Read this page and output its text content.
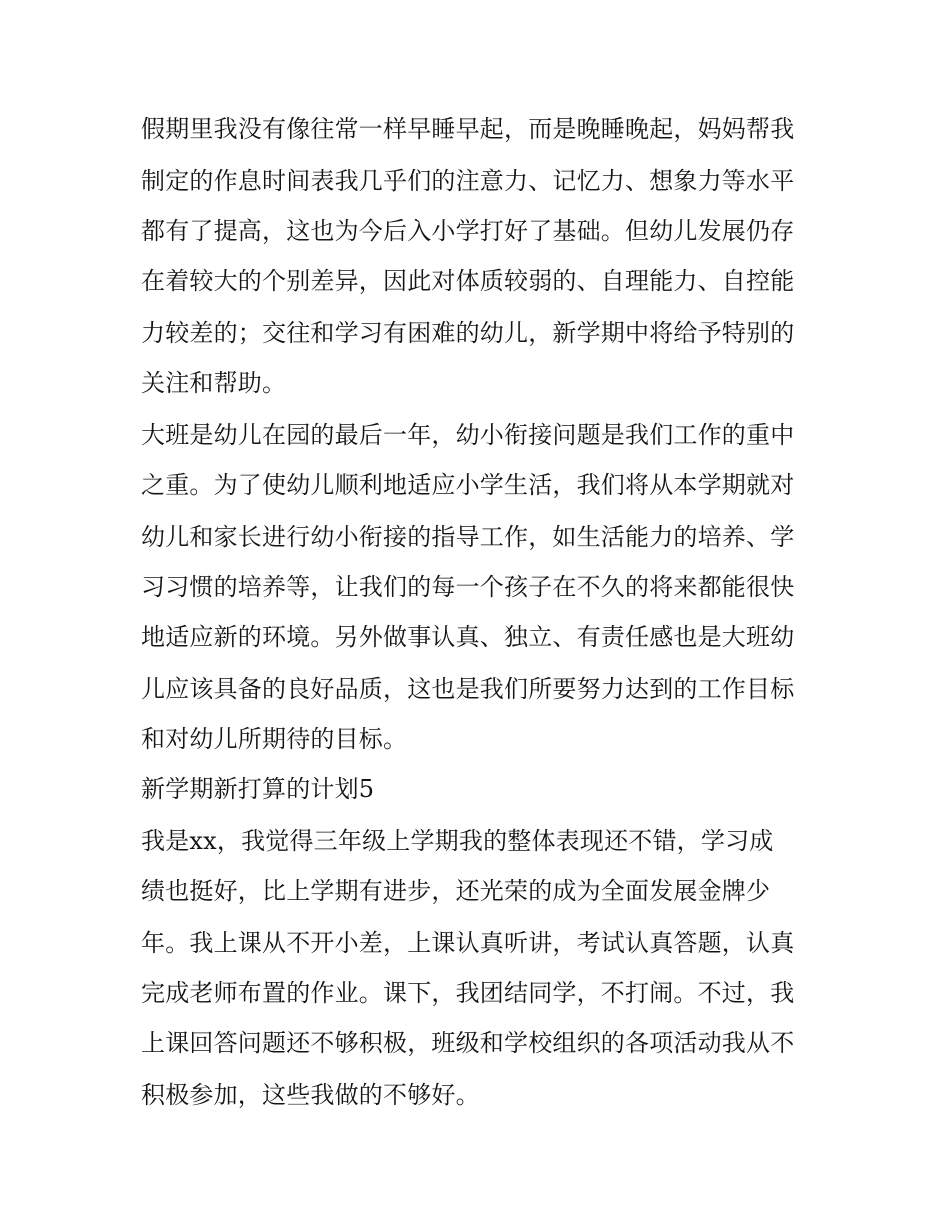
假期里我没有像往常一样早睡早起，而是晚睡晚起，妈妈帮我
制定的作息时间表我几乎们的注意力、记忆力、想象力等水平
都有了提高，这也为今后入小学打好了基础。但幼儿发展仍存
在着较大的个别差异，因此对体质较弱的、自理能力、自控能
力较差的；交往和学习有困难的幼儿，新学期中将给予特别的
关注和帮助。
大班是幼儿在园的最后一年，幼小衔接问题是我们工作的重中
之重。为了使幼儿顺利地适应小学生活，我们将从本学期就对
幼儿和家长进行幼小衔接的指导工作，如生活能力的培养、学
习习惯的培养等，让我们的每一个孩子在不久的将来都能很快
地适应新的环境。另外做事认真、独立、有责任感也是大班幼
儿应该具备的良好品质，这也是我们所要努力达到的工作目标
和对幼儿所期待的目标。
新学期新打算的计划5
我是xx，我觉得三年级上学期我的整体表现还不错，学习成
绩也挺好，比上学期有进步，还光荣的成为全面发展金牌少
年。我上课从不开小差，上课认真听讲，考试认真答题，认真
完成老师布置的作业。课下，我团结同学，不打闹。不过，我
上课回答问题还不够积极，班级和学校组织的各项活动我从不
积极参加，这些我做的不够好。
